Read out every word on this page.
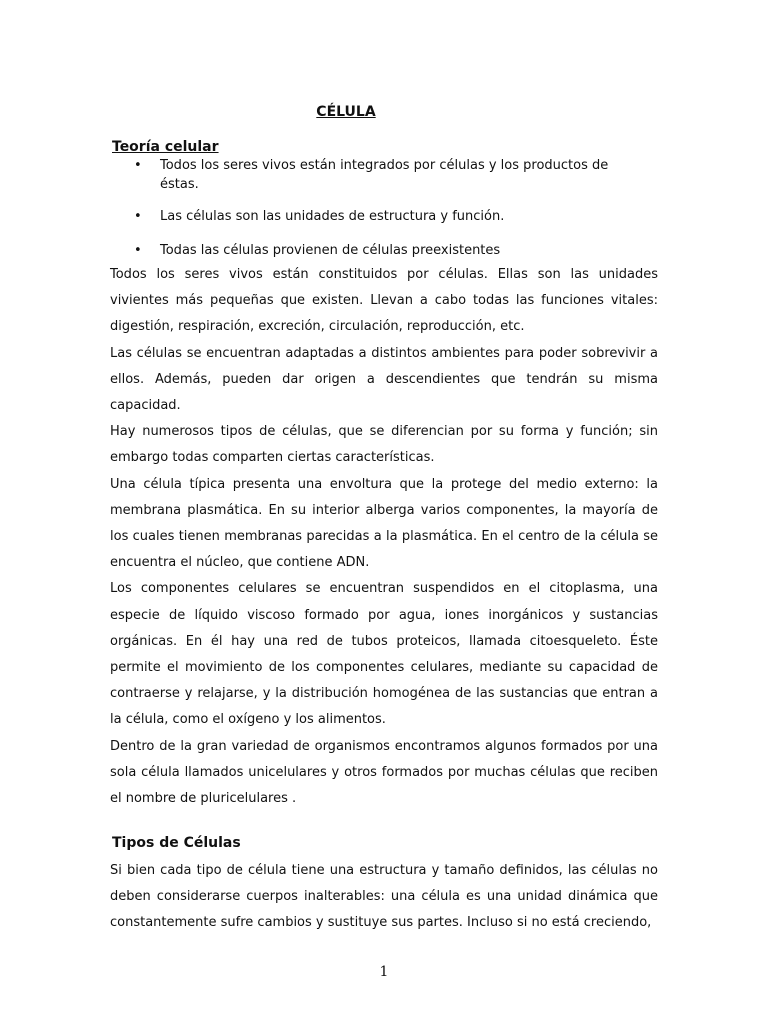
CÉLULA
Teoría celular
• Todos los seres vivos están integrados por células y los productos de éstas.
• Las células son las unidades de estructura y función.
• Todas las células provienen de células preexistentes

Todos los seres vivos están constituidos por células. Ellas son las unidades vivientes más pequeñas que existen. Llevan a cabo todas las funciones vitales: digestión, respiración, excreción, circulación, reproducción, etc.

Las células se encuentran adaptadas a distintos ambientes para poder sobrevivir a ellos. Además, pueden dar origen a descendientes que tendrán su misma capacidad.

Hay numerosos tipos de células, que se diferencian por su forma y función; sin embargo todas comparten ciertas características.

Una célula típica presenta una envoltura que la protege del medio externo: la membrana plasmática. En su interior alberga varios componentes, la mayoría de los cuales tienen membranas parecidas a la plasmática. En el centro de la célula se encuentra el núcleo, que contiene ADN.

Los componentes celulares se encuentran suspendidos en el citoplasma, una especie de líquido viscoso formado por agua, iones inorgánicos y sustancias orgánicas. En él hay una red de tubos proteicos, llamada citoesqueleto. Éste permite el movimiento de los componentes celulares, mediante su capacidad de contraerse y relajarse, y la distribución homogénea de las sustancias que entran a la célula, como el oxígeno y los alimentos.

Dentro de la gran variedad de organismos encontramos algunos formados por una sola célula llamados unicelulares y otros formados por muchas células que reciben el nombre de pluricelulares .

Tipos de Células

Si bien cada tipo de célula tiene una estructura y tamaño definidos, las células no deben considerarse cuerpos inalterables: una célula es una unidad dinámica que constantemente sufre cambios y sustituye sus partes. Incluso si no está creciendo,

1
